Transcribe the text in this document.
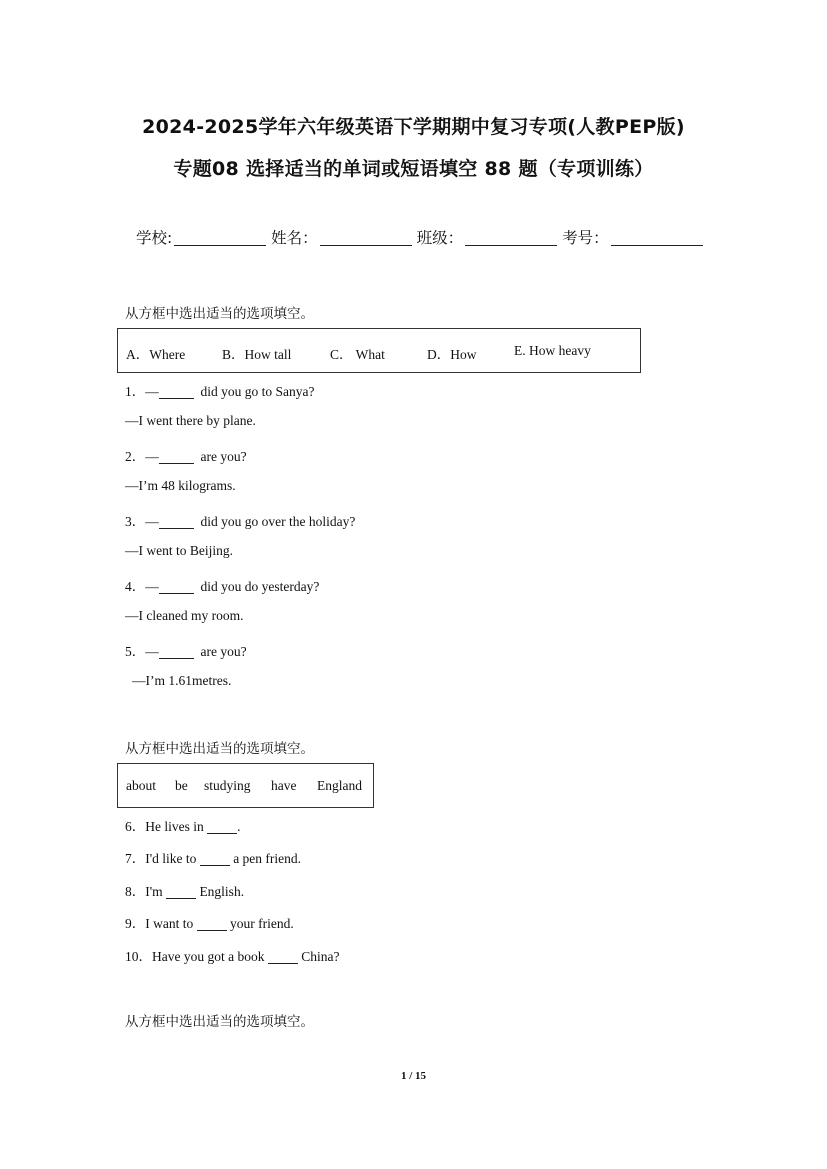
2024-2025学年六年级英语下学期期中复习专项(人教PEP版)
专题08 选择适当的单词或短语填空 88 题（专项训练）
学校:	姓名：	班级：	考号：
从方框中选出适当的选项填空。
A．Where	B．How tall	C． What	D．How	E. How heavy
1．—	did you go to Sanya?
—I went there by plane.
2．—	are you?
—I’m 48 kilograms.
3．—	did you go over the holiday?
—I went to Beijing.
4．—	did you do yesterday?
—I cleaned my room.
5．—	are you?
—I’m 1.61metres.
从方框中选出适当的选项填空。
about be studying have England
6．He lives in .
7．I'd like to  a pen friend.
8．I'm  English.
9．I want to  your friend.
10．Have you got a book  China?
从方框中选出适当的选项填空。
1 / 15
